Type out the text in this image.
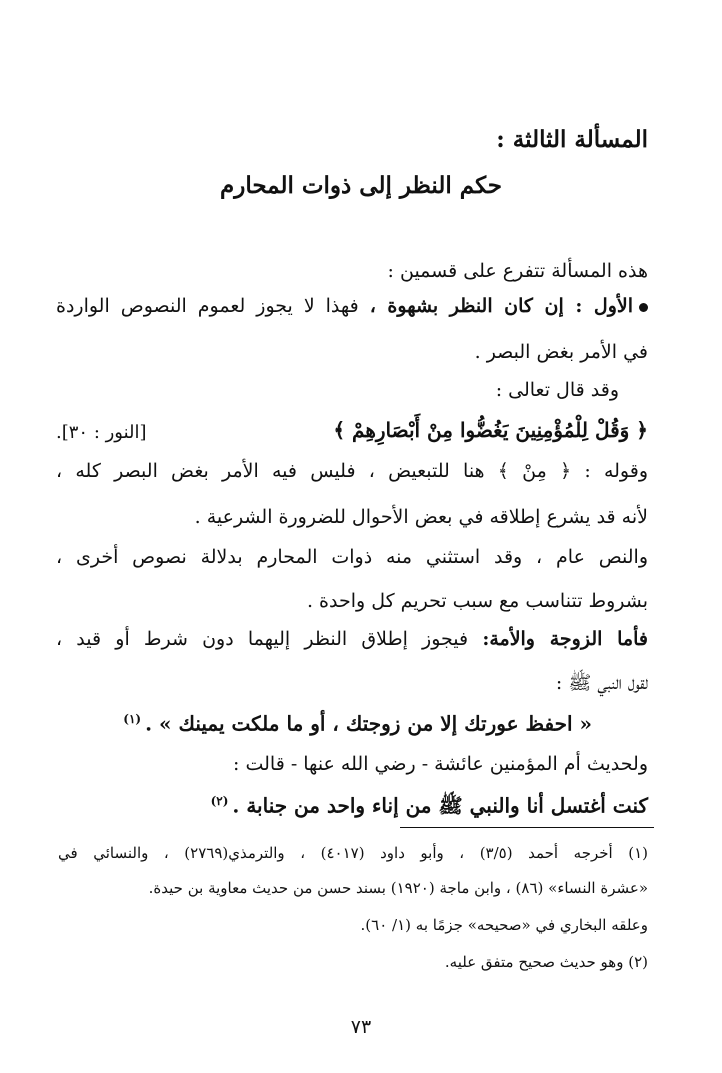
المسألة الثالثة :
حكم النظر إلى ذوات المحارم
هذه المسألة تتفرع على قسمين :
الأول : إن كان النظر بشهوة ، فهذا لا يجوز لعموم النصوص الواردة
في الأمر بغض البصر .
وقد قال تعالى :
﴿ وَقُلْ لِلْمُؤْمِنِينَ يَغُضُّوا مِنْ أَبْصَارِهِمْ ﴾
[النور : ٣٠].
وقوله : ﴿ مِنْ ﴾ هنا للتبعيض ، فليس فيه الأمر بغض البصر كله ،
لأنه قد يشرع إطلاقه في بعض الأحوال للضرورة الشرعية .
والنص عام ، وقد استثني منه ذوات المحارم بدلالة نصوص أخرى ،
بشروط تتناسب مع سبب تحريم كل واحدة .
فأما الزوجة والأمة: فيجوز إطلاق النظر إليهما دون شرط أو قيد ،
لقول النبي ﷺ :
« احفظ عورتك إلا من زوجتك ، أو ما ملكت يمينك » .$^{(١)}$
ولحديث أم المؤمنين عائشة - رضي الله عنها - قالت :
كنت أغتسل أنا والنبي ﷺ من إناء واحد من جنابة .$^{(٢)}$
(١) أخرجه أحمد (٣/٥) ، وأبو داود (٤٠١٧) ، والترمذي(٢٧٦٩) ، والنسائي في
«عشرة النساء» (٨٦) ، وابن ماجة (١٩٢٠) بسند حسن من حديث معاوية بن حيدة.
وعلقه البخاري في «صحيحه» جزمًا به (١/ ٦٠).
(٢) وهو حديث صحيح متفق عليه.
٧٣
